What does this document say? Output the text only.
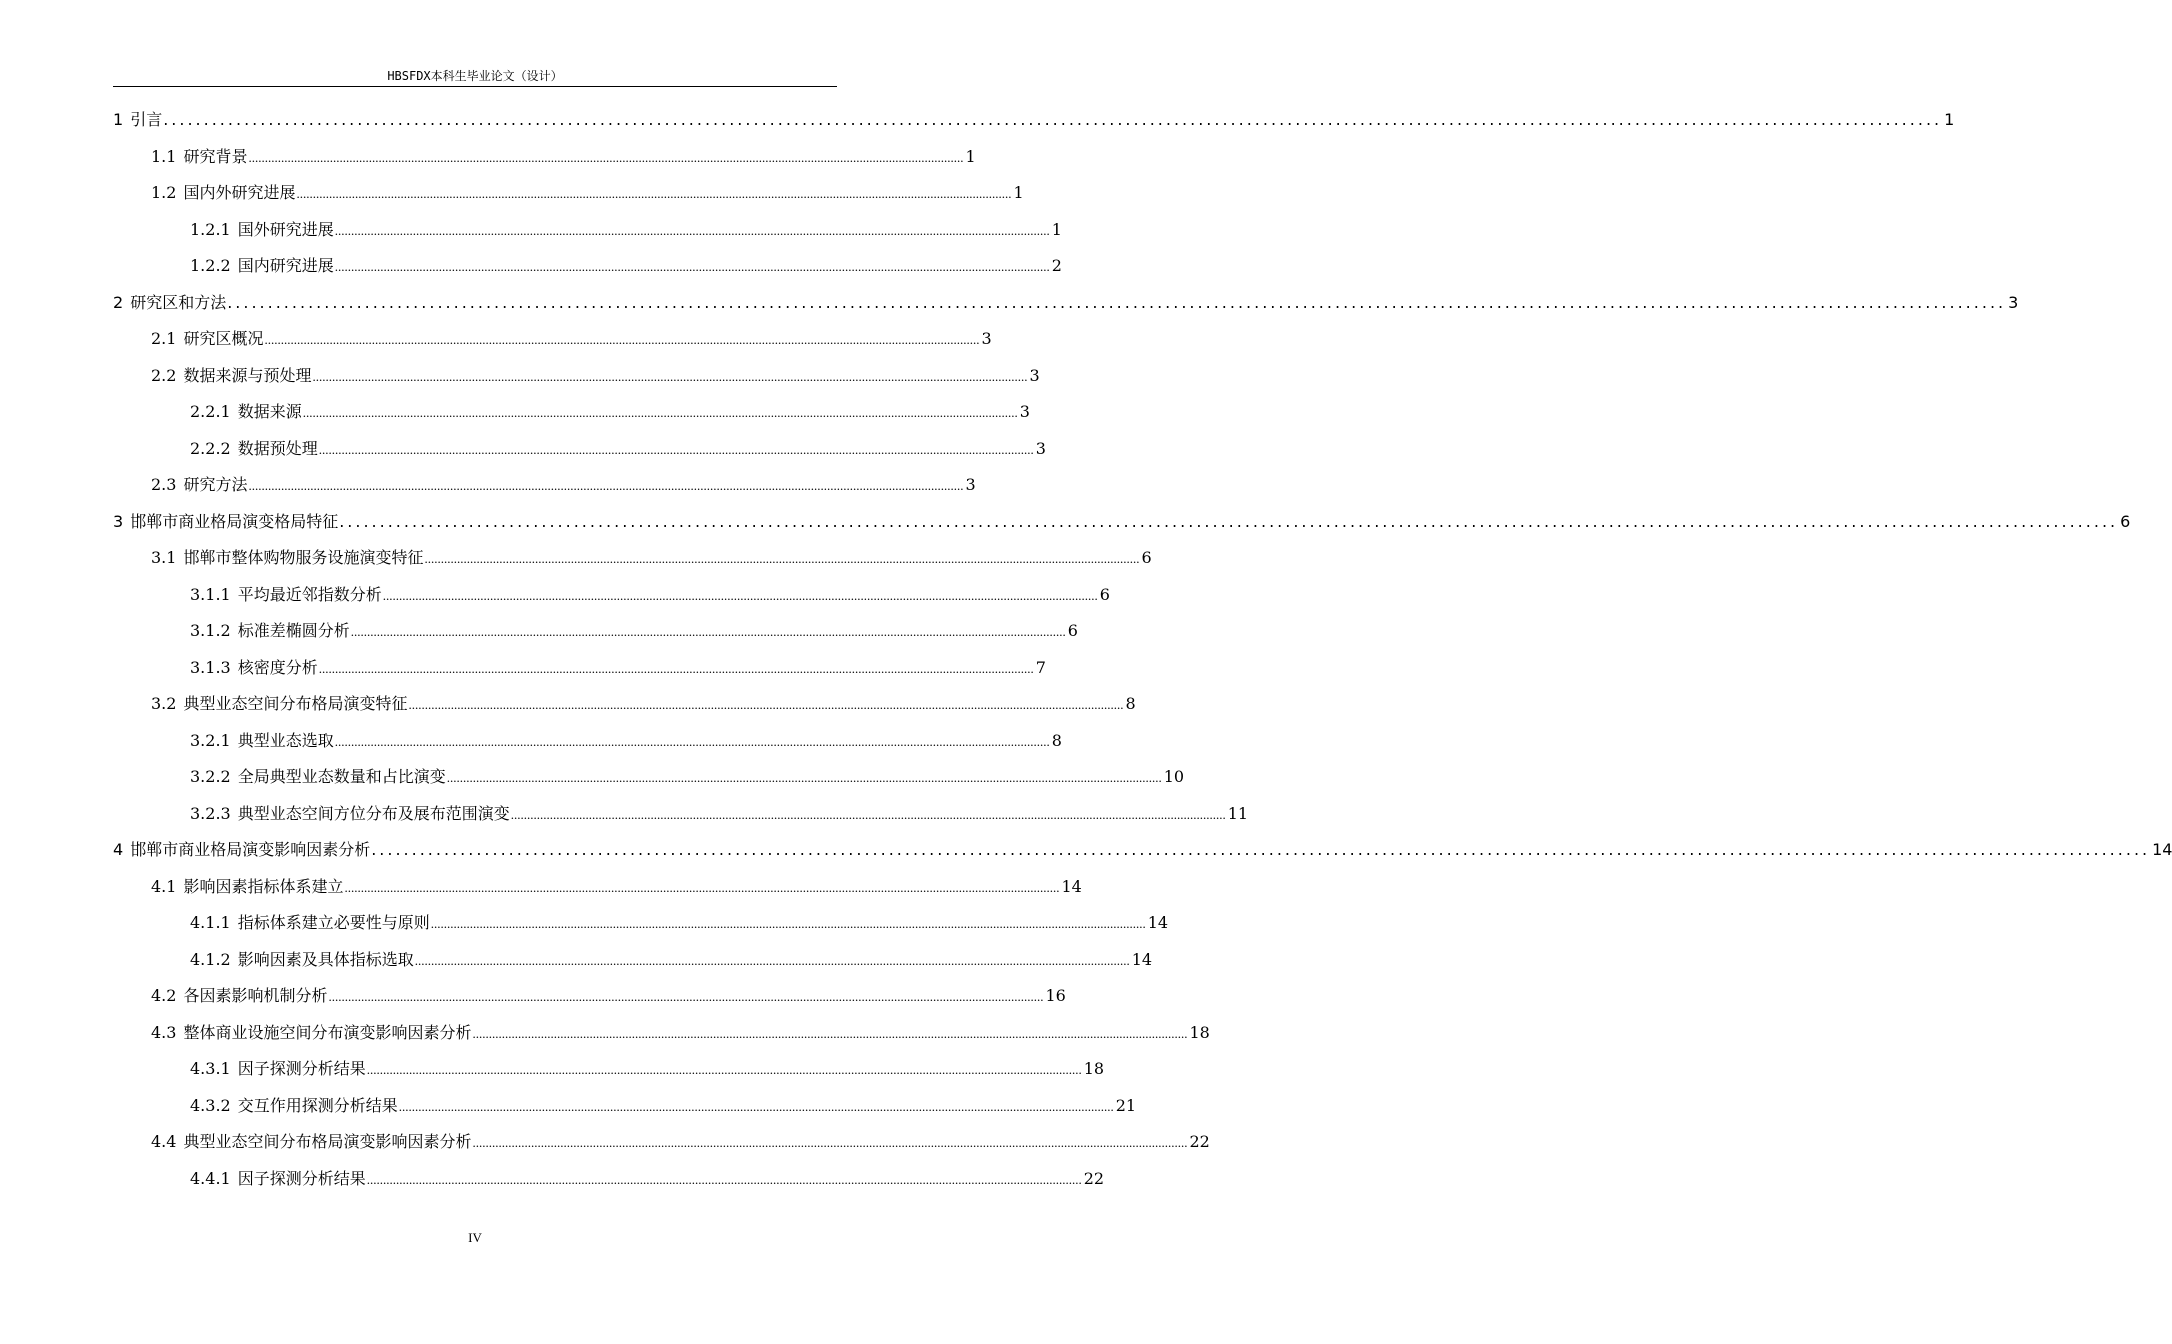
HBSFDX本科生毕业论文（设计）
1 引言 ............................................................................................................................................................................................................................ 1
1.1 研究背景 ............................................................................................................................................................................................................................ 1
1.2 国内外研究进展 ............................................................................................................................................................................................................................ 1
1.2.1 国外研究进展 ............................................................................................................................................................................................................................ 1
1.2.2 国内研究进展 ............................................................................................................................................................................................................................ 2
2 研究区和方法 ............................................................................................................................................................................................................................ 3
2.1 研究区概况 ............................................................................................................................................................................................................................ 3
2.2 数据来源与预处理 ............................................................................................................................................................................................................................ 3
2.2.1 数据来源 ............................................................................................................................................................................................................................ 3
2.2.2 数据预处理 ............................................................................................................................................................................................................................ 3
2.3 研究方法 ............................................................................................................................................................................................................................ 3
3 邯郸市商业格局演变格局特征 ............................................................................................................................................................................................................................ 6
3.1 邯郸市整体购物服务设施演变特征 ............................................................................................................................................................................................................................ 6
3.1.1 平均最近邻指数分析 ............................................................................................................................................................................................................................ 6
3.1.2 标准差椭圆分析 ............................................................................................................................................................................................................................ 6
3.1.3 核密度分析 ............................................................................................................................................................................................................................ 7
3.2 典型业态空间分布格局演变特征 ............................................................................................................................................................................................................................ 8
3.2.1 典型业态选取 ............................................................................................................................................................................................................................ 8
3.2.2 全局典型业态数量和占比演变 ............................................................................................................................................................................................................................ 10
3.2.3 典型业态空间方位分布及展布范围演变 ............................................................................................................................................................................................................................ 11
4 邯郸市商业格局演变影响因素分析 ............................................................................................................................................................................................................................ 14
4.1 影响因素指标体系建立 ............................................................................................................................................................................................................................ 14
4.1.1 指标体系建立必要性与原则 ............................................................................................................................................................................................................................ 14
4.1.2 影响因素及具体指标选取 ............................................................................................................................................................................................................................ 14
4.2 各因素影响机制分析 ............................................................................................................................................................................................................................ 16
4.3 整体商业设施空间分布演变影响因素分析 ............................................................................................................................................................................................................................ 18
4.3.1 因子探测分析结果 ............................................................................................................................................................................................................................ 18
4.3.2 交互作用探测分析结果 ............................................................................................................................................................................................................................ 21
4.4 典型业态空间分布格局演变影响因素分析 ............................................................................................................................................................................................................................ 22
4.4.1 因子探测分析结果 ............................................................................................................................................................................................................................ 22
IV
